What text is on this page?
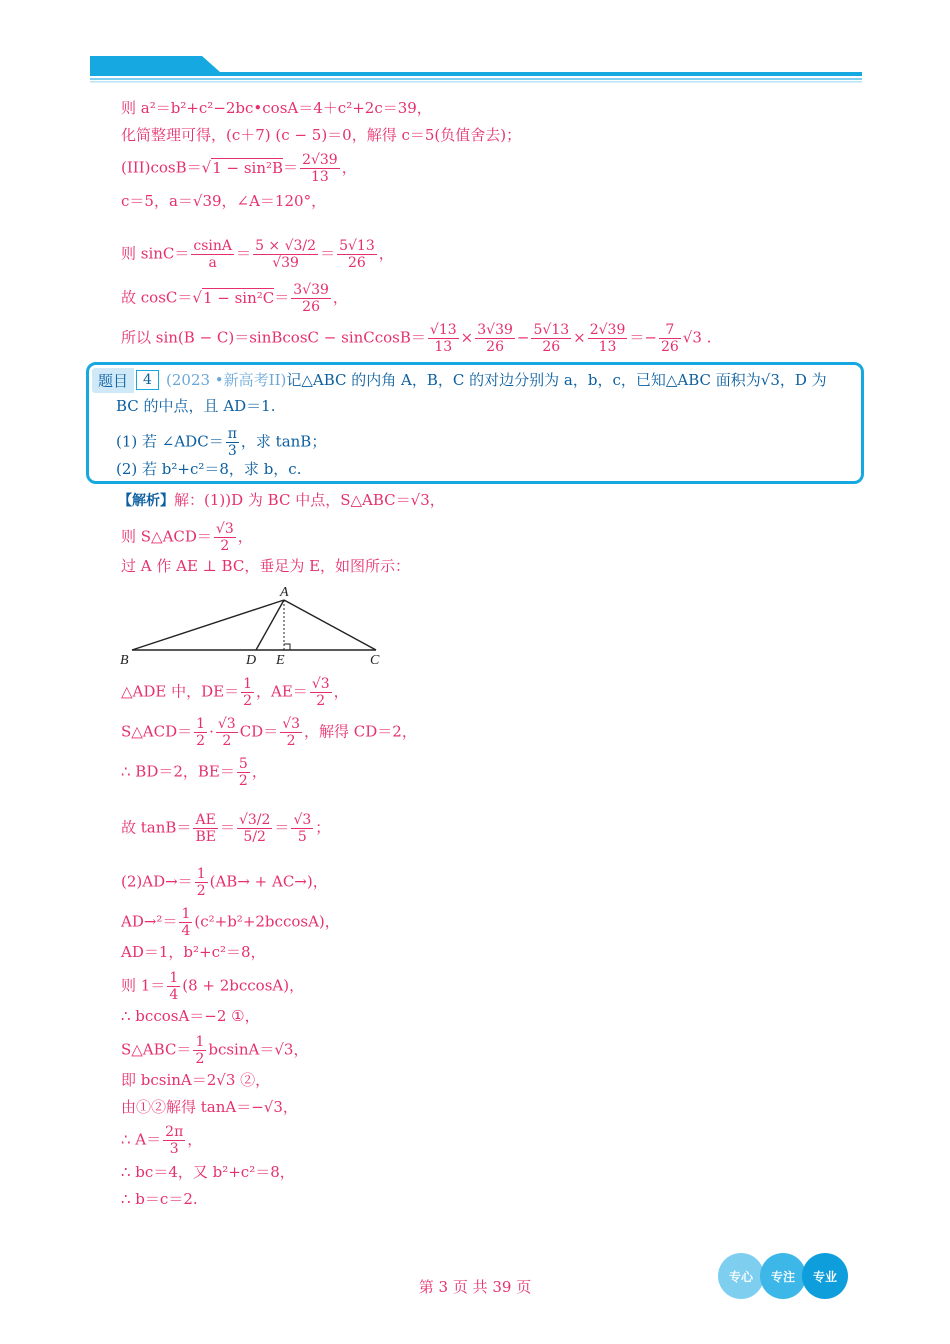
则 a²＝b²+c²−2bc•cosA＝4＋c²+2c＝39，
化简整理可得，(c＋7) (c − 5)＝0，解得 c＝5(负值舍去)；
$(III)\cos B=√1 - \sin^2B= \frac{2√39}{13}$ ，
c＝5，a＝√39，∠A＝120°，
则 $\sin C= \frac{csinA}{a} = \frac{5 \times √3/2}{√39} = \frac{5√13}{26}$ ，
故 $\cos C=√1 - \sin^2C= \frac{3√39}{26}$ ，
所以 sin(B − C)＝sinBcosC − sinCcosB＝ $\frac{√13}{13} \times \frac{3√39}{26} - \frac{5√13}{26} \times \frac{2√39}{13} =- \frac{7}{26} √3$ .
题目	4 (2023 •新高考II)记△ABC 的内角 A，B，C 的对边分别为 a，b，c，已知△ABC 面积为√3，D 为
BC 的中点，且 AD＝1.
(1) 若 ∠ADC＝ $\frac{\pi}{3}$ ，求 tanB；
(2) 若 b²+c²＝8，求 b，c.
【解析】解：(1))D 为 BC 中点，S△ABC＝√3，
则 S△ACD＝ $\frac{√3}{2}$ ，
过 A 作 AE ⊥ BC，垂足为 E，如图所示：
A
B	D E	C
△ADE 中，$DE= \frac{1}{2}$ ，$AE= \frac{√3}{2}$ ，
S△ACD＝ $\frac{1}{2} \cdot \frac{√3}{2} CD= \frac{√3}{2}$ ，解得 CD＝2，
∴ BD＝2，$BE= \frac{5}{2}$ ，
故 $\tan B= \frac{AE}{BE} = \frac{√3/2}{5/2} = \frac{√3}{5}$ ；
$(2)AD\to= \frac{1}{2} (AB\to + AC\to)$，
$AD\to^2= \frac{1}{4} (c^2+b^2+2bccosA)$，
AD＝1，b²+c²＝8，
则 $1= \frac{1}{4} (8 + 2bccosA)$，
∴ bccosA＝−2 ①，
S△ABC＝ $\frac{1}{2} bcsinA=√3$，
即 bcsinA＝2√3 ②，
由①②解得 tanA＝−√3，
∴ $A= \frac{2\pi}{3}$ ，
∴ bc＝4，又 b²+c²＝8，
∴ b＝c＝2.
第 3 页 共 39 页
专心	专注	专业
